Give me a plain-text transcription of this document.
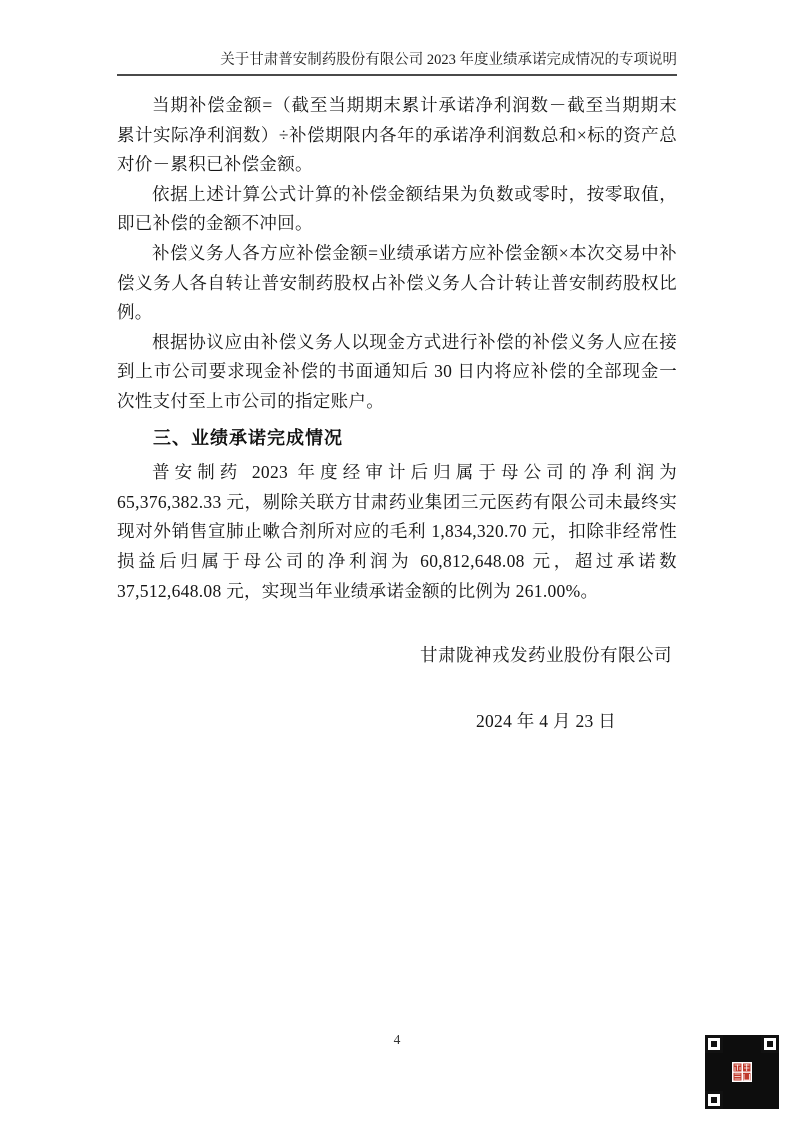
关于甘肃普安制药股份有限公司 2023 年度业绩承诺完成情况的专项说明

当期补偿金额=（截至当期期末累计承诺净利润数－截至当期期末累计实际净利润数）÷补偿期限内各年的承诺净利润数总和×标的资产总对价－累积已补偿金额。

依据上述计算公式计算的补偿金额结果为负数或零时，按零取值，即已补偿的金额不冲回。

补偿义务人各方应补偿金额=业绩承诺方应补偿金额×本次交易中补偿义务人各自转让普安制药股权占补偿义务人合计转让普安制药股权比例。

根据协议应由补偿义务人以现金方式进行补偿的补偿义务人应在接到上市公司要求现金补偿的书面通知后 30 日内将应补偿的全部现金一次性支付至上市公司的指定账户。

三、业绩承诺完成情况

普安制药 2023 年度经审计后归属于母公司的净利润为 65,376,382.33 元，剔除关联方甘肃药业集团三元医药有限公司未最终实现对外销售宣肺止嗽合剂所对应的毛利 1,834,320.70 元，扣除非经常性损益后归属于母公司的净利润为 60,812,648.08 元，超过承诺数 37,512,648.08 元，实现当年业绩承诺金额的比例为 261.00%。

甘肃陇神戎发药业股份有限公司
2024 年 4 月 23 日
4
